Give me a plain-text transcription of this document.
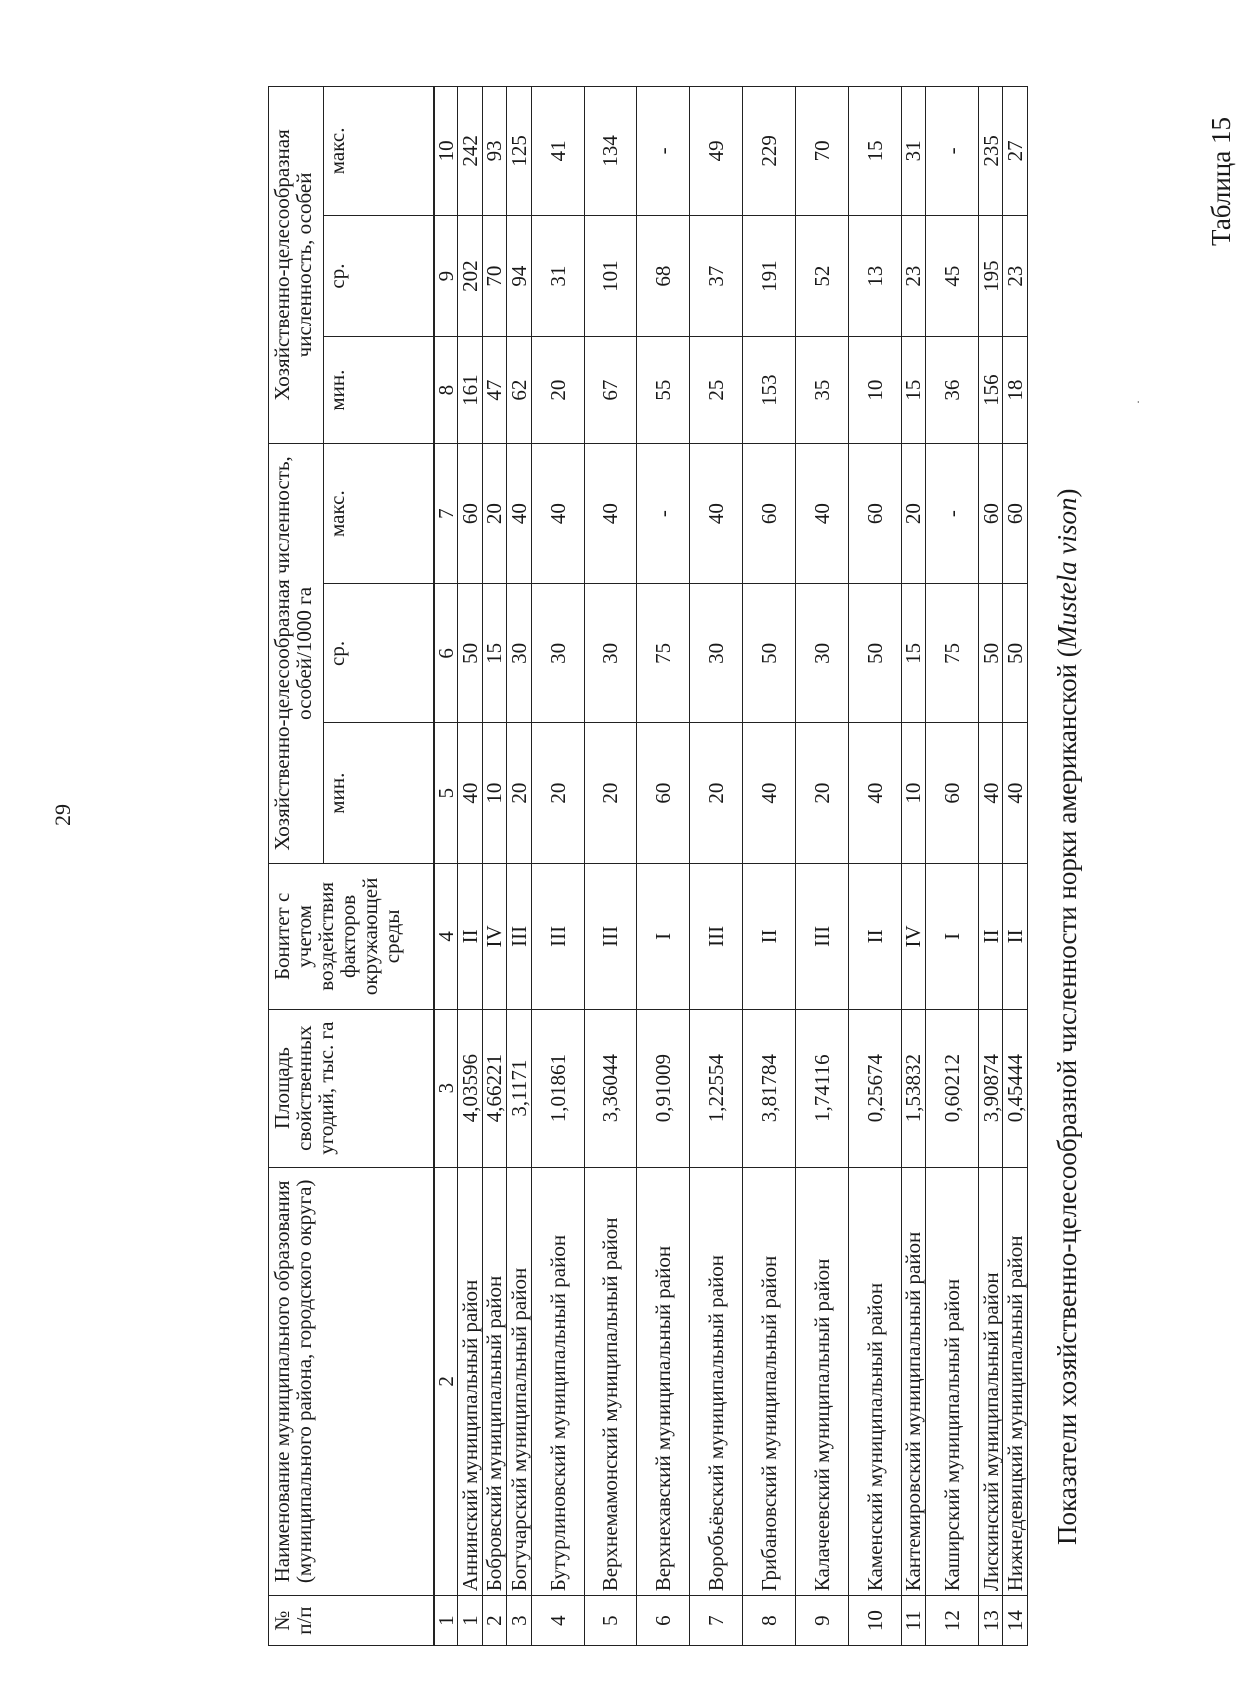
29
·
Таблица 15
Показатели хозяйственно-целесообразной численности норки американской (Mustela vison)
№ п/п	Наименование муниципального образования (муниципального района, городского округа)	Площадь свойственных угодий, тыс. га	Бонитет с учетом воздействия факторов окружающей среды	Хозяйственно-целесообразная численность, особей/1000 га			Хозяйственно-целесообразная численность, особей		
				мин.	ср.	макс.	мин.	ср.	макс.
1	2	3	4	5	6	7	8	9	10
1	Аннинский муниципальный район	4,03596	II	40	50	60	161	202	242
2	Бобровский муниципальный район	4,66221	IV	10	15	20	47	70	93
3	Богучарский муниципальный район	3,1171	III	20	30	40	62	94	125
4	Бутурлиновский муниципальный район	1,01861	III	20	30	40	20	31	41
5	Верхнемамонский муниципальный район	3,36044	III	20	30	40	67	101	134
6	Верхнехавский муниципальный район	0,91009	I	60	75	-	55	68	-
7	Воробьёвский муниципальный район	1,22554	III	20	30	40	25	37	49
8	Грибановский муниципальный район	3,81784	II	40	50	60	153	191	229
9	Калачеевский муниципальный район	1,74116	III	20	30	40	35	52	70
10	Каменский муниципальный район	0,25674	II	40	50	60	10	13	15
11	Кантемировский муниципальный район	1,53832	IV	10	15	20	15	23	31
12	Каширский муниципальный район	0,60212	I	60	75	-	36	45	-
13	Лискинский муниципальный район	3,90874	II	40	50	60	156	195	235
14	Нижнедевицкий муниципальный район	0,45444	II	40	50	60	18	23	27
